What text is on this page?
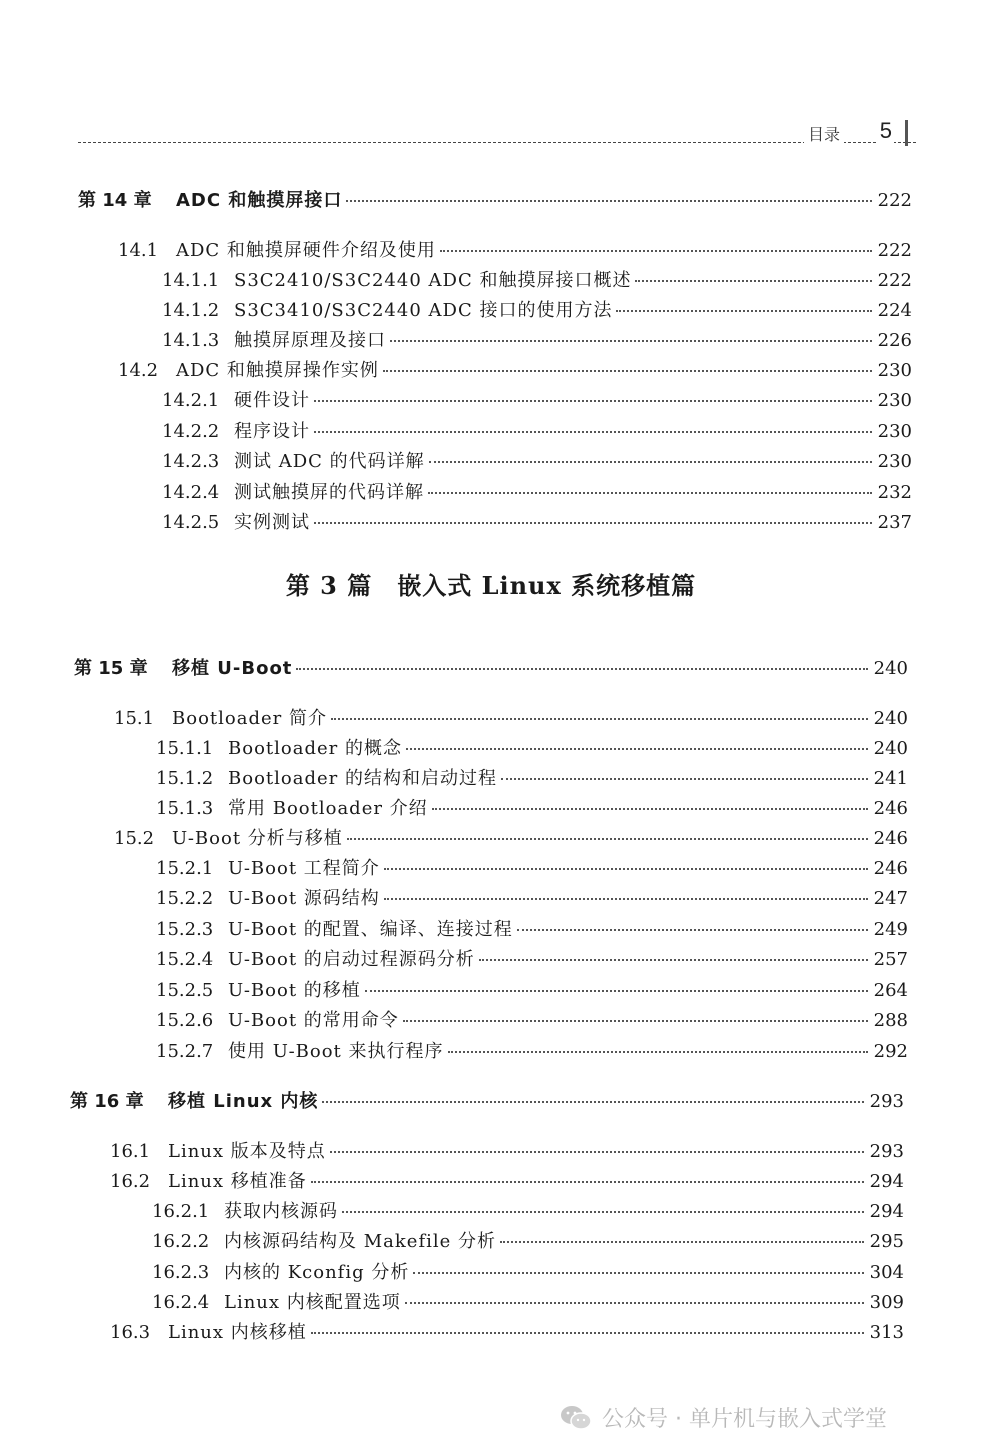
目录 5
第 14 章	ADC 和触摸屏接口	222
14.1 ADC 和触摸屏硬件介绍及使用	222
14.1.1 S3C2410/S3C2440 ADC 和触摸屏接口概述	222
14.1.2 S3C3410/S3C2440 ADC 接口的使用方法	224
14.1.3 触摸屏原理及接口	226
14.2 ADC 和触摸屏操作实例	230
14.2.1 硬件设计	230
14.2.2 程序设计	230
14.2.3 测试 ADC 的代码详解	230
14.2.4 测试触摸屏的代码详解	232
14.2.5 实例测试	237
第 3 篇　嵌入式 Linux 系统移植篇
第 15 章	移植 U-Boot	240
15.1 Bootloader 简介	240
15.1.1 Bootloader 的概念	240
15.1.2 Bootloader 的结构和启动过程	241
15.1.3 常用 Bootloader 介绍	246
15.2 U-Boot 分析与移植	246
15.2.1 U-Boot 工程简介	246
15.2.2 U-Boot 源码结构	247
15.2.3 U-Boot 的配置、编译、连接过程	249
15.2.4 U-Boot 的启动过程源码分析	257
15.2.5 U-Boot 的移植	264
15.2.6 U-Boot 的常用命令	288
15.2.7 使用 U-Boot 来执行程序	292
第 16 章	移植 Linux 内核	293
16.1 Linux 版本及特点	293
16.2 Linux 移植准备	294
16.2.1 获取内核源码	294
16.2.2 内核源码结构及 Makefile 分析	295
16.2.3 内核的 Kconfig 分析	304
16.2.4 Linux 内核配置选项	309
16.3 Linux 内核移植	313
公众号 · 单片机与嵌入式学堂
